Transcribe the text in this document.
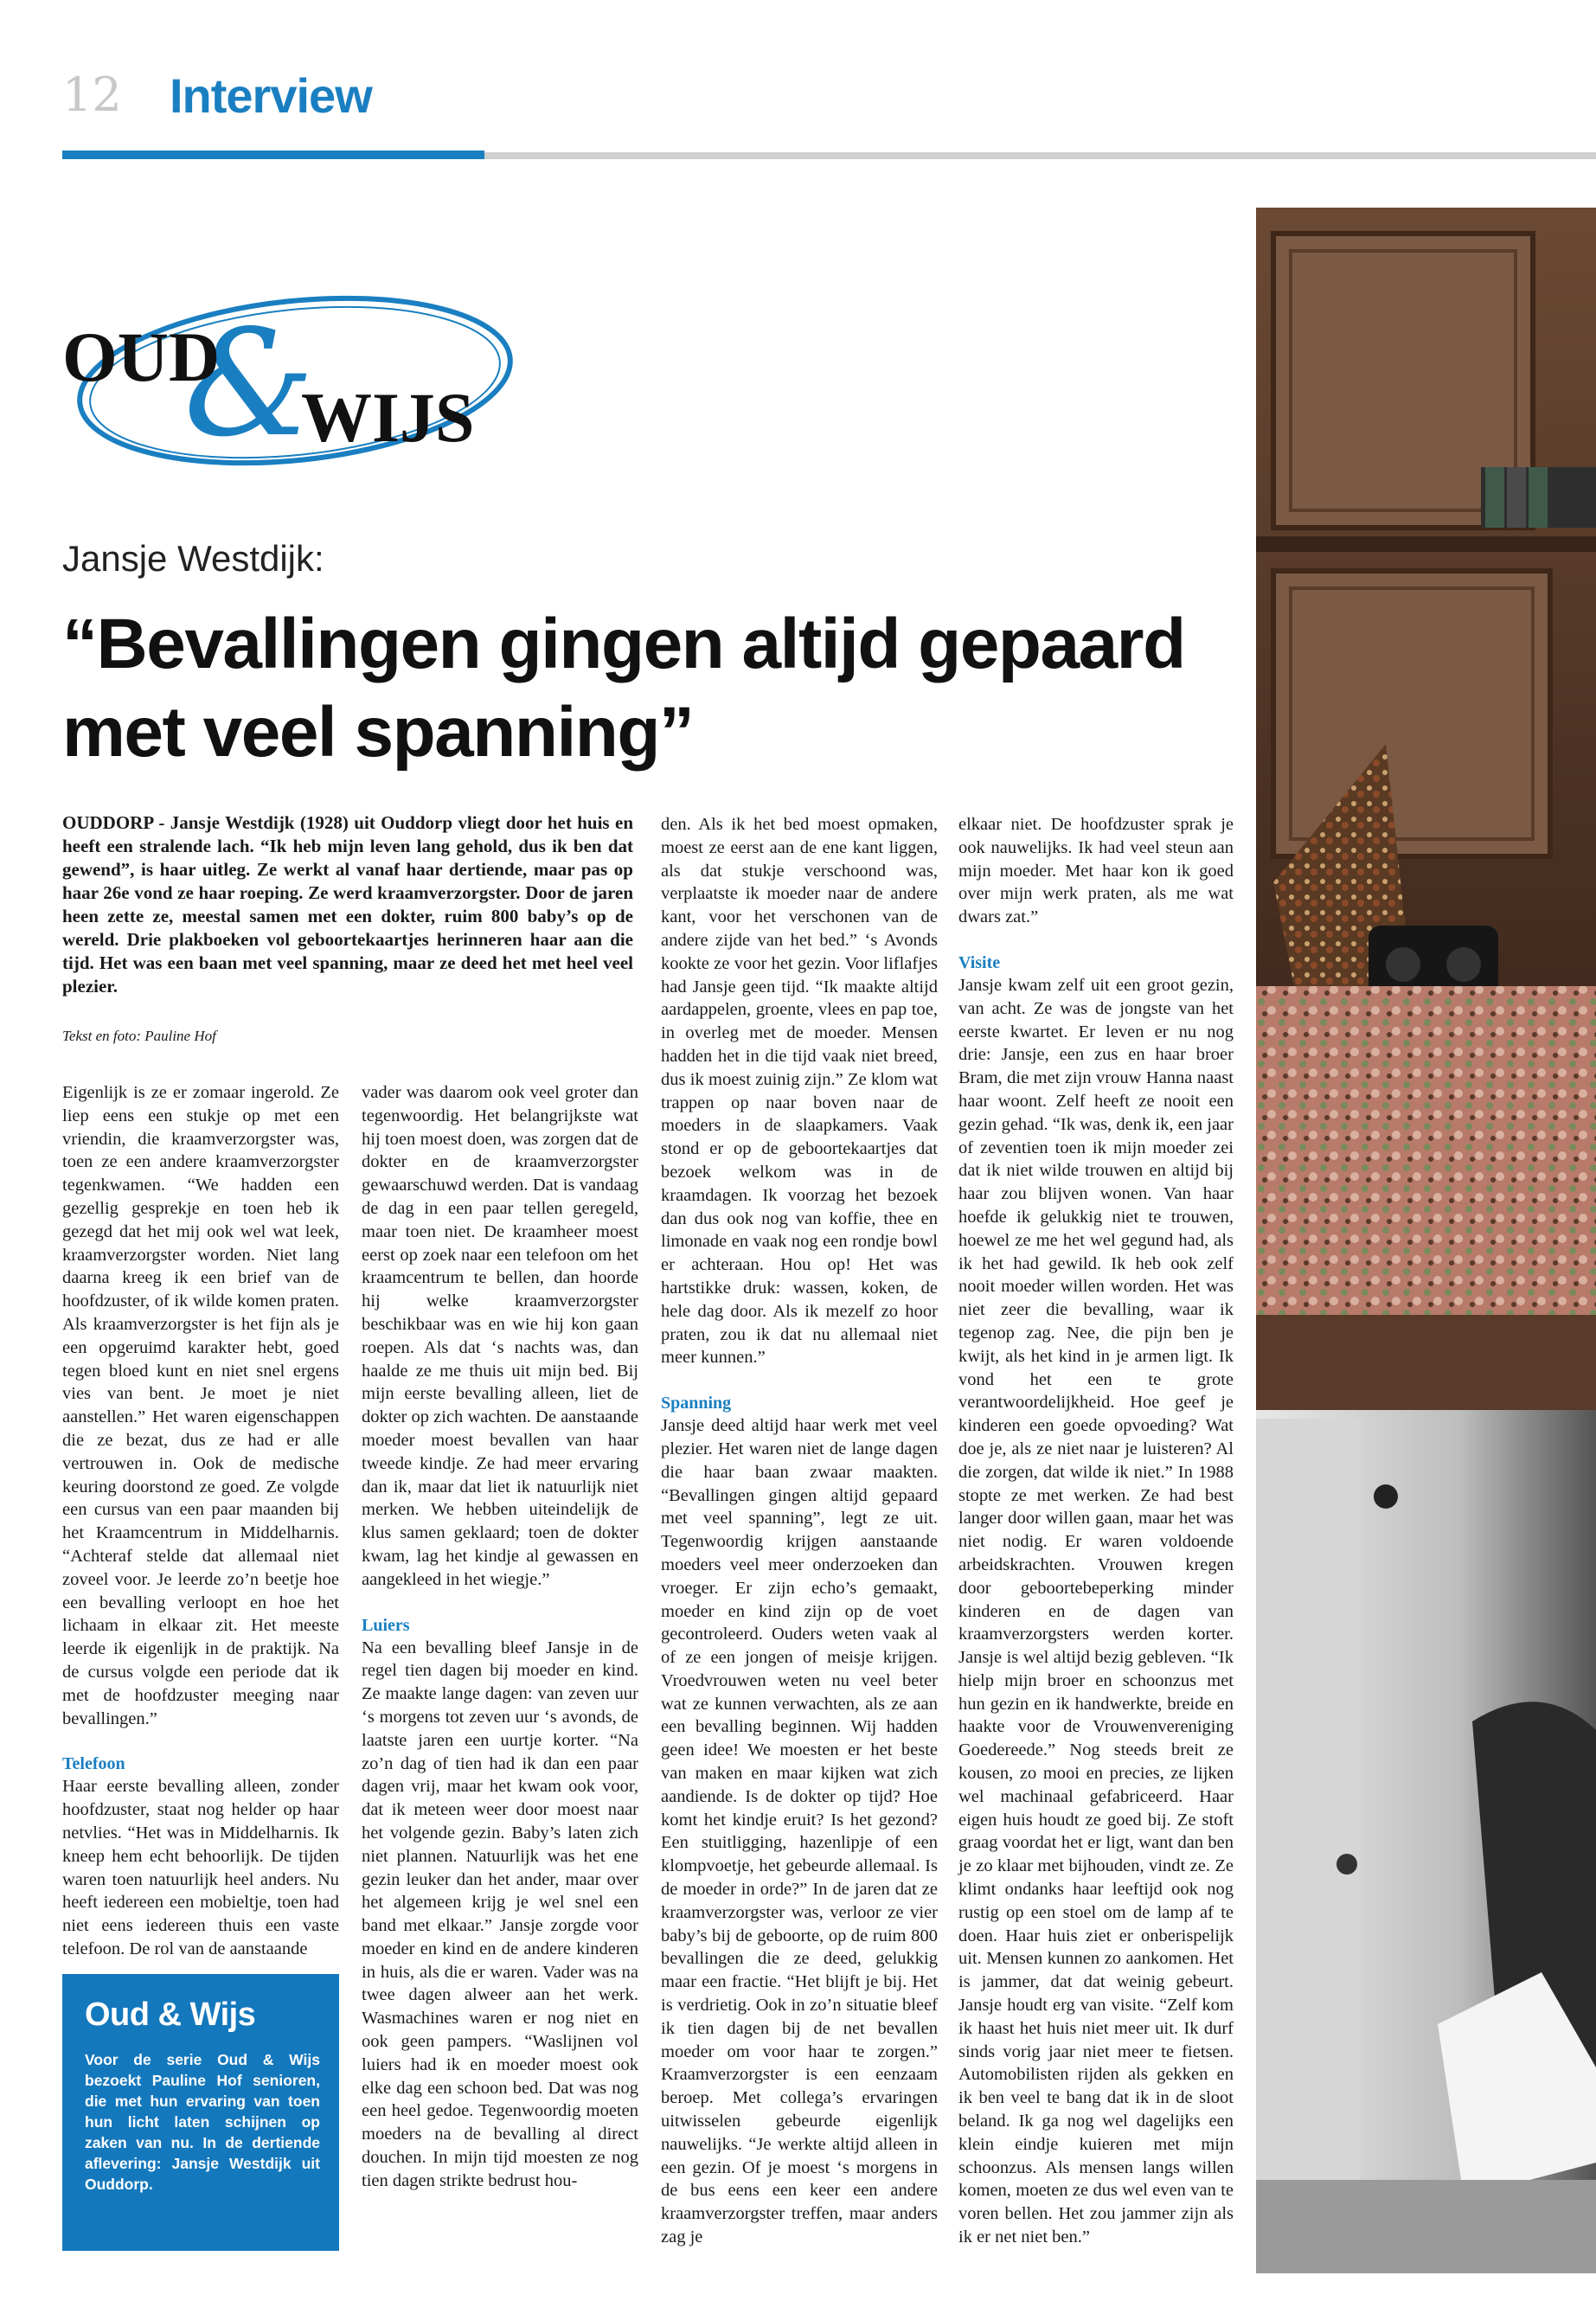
12 Interview
&
OUD
WIJS
Jansje Westdijk:
“Bevallingen gingen altijd gepaard met veel spanning”
OUDDORP - Jansje Westdijk (1928) uit Ouddorp vliegt door het huis en heeft een stralende lach. “Ik heb mijn leven lang gehold, dus ik ben dat gewend”, is haar uitleg. Ze werkt al vanaf haar dertiende, maar pas op haar 26e vond ze haar roeping. Ze werd kraamverzorgster. Door de jaren heen zette ze, meestal samen met een dokter, ruim 800 baby’s op de wereld. Drie plakboeken vol geboortekaartjes herinneren haar aan die tijd. Het was een baan met veel spanning, maar ze deed het met heel veel plezier.
Tekst en foto: Pauline Hof

Eigenlijk is ze er zomaar ingerold. Ze liep eens een stukje op met een vriendin, die kraamverzorgster was, toen ze een andere kraamverzorgster tegenkwamen. “We hadden een gezellig gesprekje en toen heb ik gezegd dat het mij ook wel wat leek, kraamverzorgster worden. Niet lang daarna kreeg ik een brief van de hoofdzuster, of ik wilde komen praten. Als kraamverzorgster is het fijn als je een opgeruimd karakter hebt, goed tegen bloed kunt en niet snel ergens vies van bent. Je moet je niet aanstellen.” Het waren eigenschappen die ze bezat, dus ze had er alle vertrouwen in. Ook de medische keuring doorstond ze goed. Ze volgde een cursus van een paar maanden bij het Kraamcentrum in Middelharnis. “Achteraf stelde dat allemaal niet zoveel voor. Je leerde zo’n beetje hoe een bevalling verloopt en hoe het lichaam in elkaar zit. Het meeste leerde ik eigenlijk in de praktijk. Na de cursus volgde een periode dat ik met de hoofdzuster meeging naar bevallingen.”

Telefoon

Haar eerste bevalling alleen, zonder hoofdzuster, staat nog helder op haar netvlies. “Het was in Middelharnis. Ik kneep hem echt behoorlijk. De tijden waren toen natuurlijk heel anders. Nu heeft iedereen een mobieltje, toen had niet eens iedereen thuis een vaste telefoon. De rol van de aanstaande

vader was daarom ook veel groter dan tegenwoordig. Het belangrijkste wat hij toen moest doen, was zorgen dat de dokter en de kraamverzorgster gewaarschuwd werden. Dat is vandaag de dag in een paar tellen geregeld, maar toen niet. De kraamheer moest eerst op zoek naar een telefoon om het kraamcentrum te bellen, dan hoorde hij welke kraamverzorgster beschikbaar was en wie hij kon gaan roepen. Als dat ‘s nachts was, dan haalde ze me thuis uit mijn bed. Bij mijn eerste bevalling alleen, liet de dokter op zich wachten. De aanstaande moeder moest bevallen van haar tweede kindje. Ze had meer ervaring dan ik, maar dat liet ik natuurlijk niet merken. We hebben uiteindelijk de klus samen geklaard; toen de dokter kwam, lag het kindje al gewassen en aangekleed in het wiegje.”

Luiers

Na een bevalling bleef Jansje in de regel tien dagen bij moeder en kind. Ze maakte lange dagen: van zeven uur ‘s morgens tot zeven uur ‘s avonds, de laatste jaren een uurtje korter. “Na zo’n dag of tien had ik dan een paar dagen vrij, maar het kwam ook voor, dat ik meteen weer door moest naar het volgende gezin. Baby’s laten zich niet plannen. Natuurlijk was het ene gezin leuker dan het ander, maar over het algemeen krijg je wel snel een band met elkaar.” Jansje zorgde voor moeder en kind en de andere kinderen in huis, als die er waren. Vader was na twee dagen alweer aan het werk. Wasmachines waren er nog niet en ook geen pampers. “Waslijnen vol luiers had ik en moeder moest ook elke dag een schoon bed. Dat was nog een heel gedoe. Tegenwoordig moeten moeders na de bevalling al direct douchen. In mijn tijd moesten ze nog tien dagen strikte bedrust hou-

den. Als ik het bed moest opmaken, moest ze eerst aan de ene kant liggen, als dat stukje verschoond was, verplaatste ik moeder naar de andere kant, voor het verschonen van de andere zijde van het bed.” ‘s Avonds kookte ze voor het gezin. Voor liflafjes had Jansje geen tijd. “Ik maakte altijd aardappelen, groente, vlees en pap toe, in overleg met de moeder. Mensen hadden het in die tijd vaak niet breed, dus ik moest zuinig zijn.” Ze klom wat trappen op naar boven naar de moeders in de slaapkamers. Vaak stond er op de geboortekaartjes dat bezoek welkom was in de kraamdagen. Ik voorzag het bezoek dan dus ook nog van koffie, thee en limonade en vaak nog een rondje bowl er achteraan. Hou op! Het was hartstikke druk: wassen, koken, de hele dag door. Als ik mezelf zo hoor praten, zou ik dat nu allemaal niet meer kunnen.”

Spanning

Jansje deed altijd haar werk met veel plezier. Het waren niet de lange dagen die haar baan zwaar maakten. “Bevallingen gingen altijd gepaard met veel spanning”, legt ze uit. Tegenwoordig krijgen aanstaande moeders veel meer onderzoeken dan vroeger. Er zijn echo’s gemaakt, moeder en kind zijn op de voet gecontroleerd. Ouders weten vaak al of ze een jongen of meisje krijgen. Vroedvrouwen weten nu veel beter wat ze kunnen verwachten, als ze aan een bevalling beginnen. Wij hadden geen idee! We moesten er het beste van maken en maar kijken wat zich aandiende. Is de dokter op tijd? Hoe komt het kindje eruit? Is het gezond? Een stuitligging, hazenlipje of een klompvoetje, het gebeurde allemaal. Is de moeder in orde?” In de jaren dat ze kraamverzorgster was, verloor ze vier baby’s bij de geboorte, op de ruim 800 bevallingen die ze deed, gelukkig maar een fractie. “Het blijft je bij. Het is verdrietig. Ook in zo’n situatie bleef ik tien dagen bij de net bevallen moeder om voor haar te zorgen.” Kraamverzorgster is een eenzaam beroep. Met collega’s ervaringen uitwisselen gebeurde eigenlijk nauwelijks. “Je werkte altijd alleen in een gezin. Of je moest ‘s morgens in de bus eens een keer een andere kraamverzorgster treffen, maar anders zag je

elkaar niet. De hoofdzuster sprak je ook nauwelijks. Ik had veel steun aan mijn moeder. Met haar kon ik goed over mijn werk praten, als me wat dwars zat.”

Visite

Jansje kwam zelf uit een groot gezin, van acht. Ze was de jongste van het eerste kwartet. Er leven er nu nog drie: Jansje, een zus en haar broer Bram, die met zijn vrouw Hanna naast haar woont. Zelf heeft ze nooit een gezin gehad. “Ik was, denk ik, een jaar of zeventien toen ik mijn moeder zei dat ik niet wilde trouwen en altijd bij haar zou blijven wonen. Van haar hoefde ik gelukkig niet te trouwen, hoewel ze me het wel gegund had, als ik het had gewild. Ik heb ook zelf nooit moeder willen worden. Het was niet zeer die bevalling, waar ik tegenop zag. Nee, die pijn ben je kwijt, als het kind in je armen ligt. Ik vond het een te grote verantwoordelijkheid. Hoe geef je kinderen een goede opvoeding? Wat doe je, als ze niet naar je luisteren? Al die zorgen, dat wilde ik niet.” In 1988 stopte ze met werken. Ze had best langer door willen gaan, maar het was niet nodig. Er waren voldoende arbeidskrachten. Vrouwen kregen door geboortebeperking minder kinderen en de dagen van kraamverzorgsters werden korter. Jansje is wel altijd bezig gebleven. “Ik hielp mijn broer en schoonzus met hun gezin en ik handwerkte, breide en haakte voor de Vrouwenvereniging Goedereede.” Nog steeds breit ze kousen, zo mooi en precies, ze lijken wel machinaal gefabriceerd. Haar eigen huis houdt ze goed bij. Ze stoft graag voordat het er ligt, want dan ben je zo klaar met bijhouden, vindt ze. Ze klimt ondanks haar leeftijd ook nog rustig op een stoel om de lamp af te doen. Haar huis ziet er onberispelijk uit. Mensen kunnen zo aankomen. Het is jammer, dat dat weinig gebeurt. Jansje houdt erg van visite. “Zelf kom ik haast het huis niet meer uit. Ik durf sinds vorig jaar niet meer te fietsen. Automobilisten rijden als gekken en ik ben veel te bang dat ik in de sloot beland. Ik ga nog wel dagelijks een klein eindje kuieren met mijn schoonzus. Als mensen langs willen komen, moeten ze dus wel even van te voren bellen. Het zou jammer zijn als ik er net niet ben.”

Oud & Wijs

Voor de serie Oud & Wijs bezoekt Pauline Hof senioren, die met hun ervaring van toen hun licht laten schijnen op zaken van nu. In de dertiende aflevering: Jansje Westdijk uit Ouddorp.
